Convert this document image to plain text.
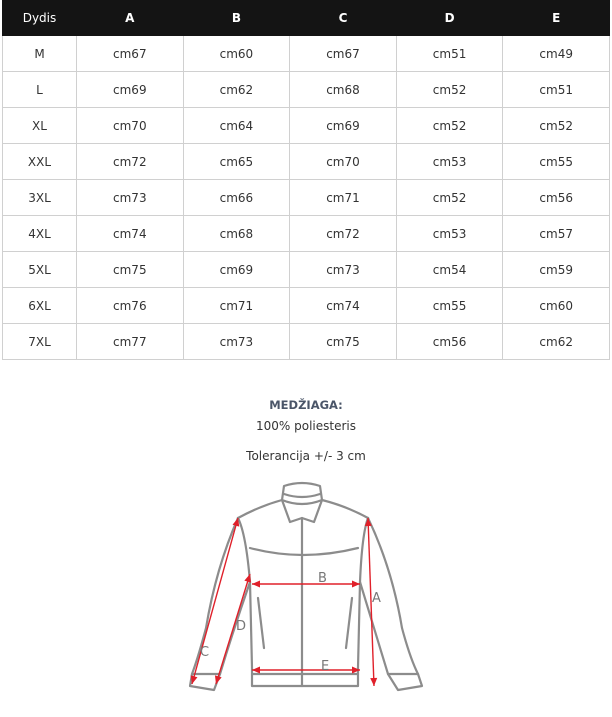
Dydis	A	B	C	D	E
M	cm67	cm60	cm67	cm51	cm49
L	cm69	cm62	cm68	cm52	cm51
XL	cm70	cm64	cm69	cm52	cm52
XXL	cm72	cm65	cm70	cm53	cm55
3XL	cm73	cm66	cm71	cm52	cm56
4XL	cm74	cm68	cm72	cm53	cm57
5XL	cm75	cm69	cm73	cm54	cm59
6XL	cm76	cm71	cm74	cm55	cm60
7XL	cm77	cm73	cm75	cm56	cm62
MEDŽIAGA:
100% poliesteris
Tolerancija +/- 3 cm
B
E
A
C
D
